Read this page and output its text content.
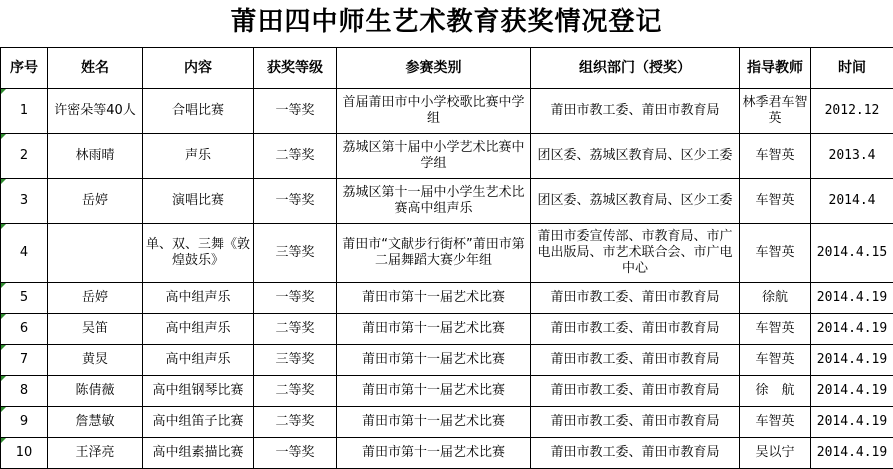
莆田四中师生艺术教育获奖情况登记
序号	姓名	内容	获奖等级	参赛类别	组织部门（授奖）	指导教师	时间
1	许密朵等40人	合唱比赛	一等奖	首届莆田市中小学校歌比赛中学组	莆田市教工委、莆田市教育局	林季君车智英	2012.12
2	林雨晴	声乐	二等奖	荔城区第十届中小学艺术比赛中学组	团区委、荔城区教育局、区少工委	车智英	2013.4
3	岳婷	演唱比赛	一等奖	荔城区第十一届中小学生艺术比赛高中组声乐	团区委、荔城区教育局、区少工委	车智英	2014.4
4		单、双、三舞《敦煌鼓乐》	三等奖	莆田市“文献步行街杯”莆田市第二届舞蹈大赛少年组	莆田市委宣传部、市教育局、市广电出版局、市艺术联合会、市广电中心	车智英	2014.4.15
5	岳婷	高中组声乐	一等奖	莆田市第十一届艺术比赛	莆田市教工委、莆田市教育局	徐航	2014.4.19
6	吴笛	高中组声乐	二等奖	莆田市第十一届艺术比赛	莆田市教工委、莆田市教育局	车智英	2014.4.19
7	黄炅	高中组声乐	三等奖	莆田市第十一届艺术比赛	莆田市教工委、莆田市教育局	车智英	2014.4.19
8	陈倩薇	高中组钢琴比赛	二等奖	莆田市第十一届艺术比赛	莆田市教工委、莆田市教育局	徐　航	2014.4.19
9	詹慧敏	高中组笛子比赛	二等奖	莆田市第十一届艺术比赛	莆田市教工委、莆田市教育局	车智英	2014.4.19
10	王泽亮	高中组素描比赛	一等奖	莆田市第十一届艺术比赛	莆田市教工委、莆田市教育局	吴以宁	2014.4.19
